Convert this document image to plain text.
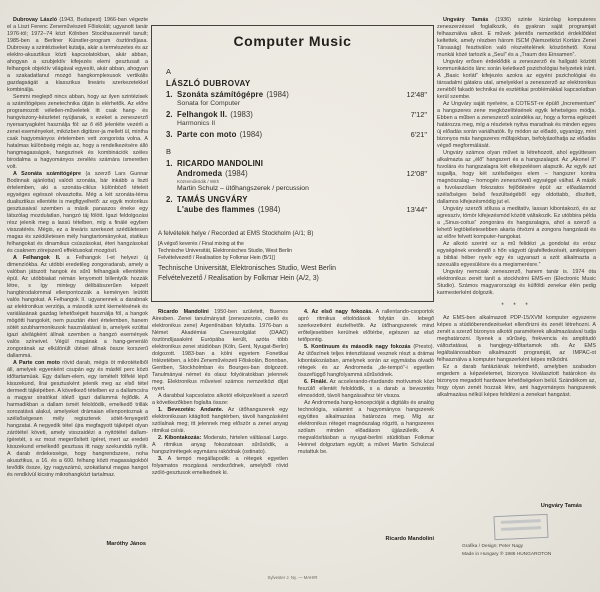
Dubrovay László (1943, Budapest) 1966-ban végezte el a Liszt Ferenc Zeneművészeti Főiskolát; ugyanott tanár 1976-tól; 1972–74 közt Kölnben Stockhausennél tanult; 1985-ben a Berliner Künstler-program ösztöndíjasa. Dubrovay a szintéziseket kutatja, akár a természetes és az elektro-akusztikus közti kapcsolatokban, akár abban, ahogyan a szubjektív kifejezés elemi gesztusait a felhangok objektív világával egyesíti, akár abban, ahogyan a szakadatlanul mozgó hangkomplexusok vertikális gazdagságát a klasszikus lineáris szerkezetekkel kombinálja.

Semmi meglepő nincs abban, hogy az ilyen szintézisek a számítógépes zenetechnika útján is elérhetők. Az előre programozott véletlen-műveletek itt csak hang- és hangviszony-készletet nyújtanak, s ezeket a zeneszerző nyersanyagként használja föl: az ő élő jelenléte vezérli a zenei eseményeket, miközben digitizer-ja mellett ül, mintha csak hagyományos értelemben vett zongorista volna. A hatalmas különbség mégis az, hogy a rendelkezésére álló hangmagasságok, hangszínek és kombinációk széles birodalma a hagyományos zenélés számára ismeretlen volt.

A Szonáta számítógépre (a szerző Lars Gunnar Bodinnak ajánlotta) valódi szonáta, bár inkább a liszti értelemben, aki a szonáta-ciklus különböző tételeit egységes egésszé olvasztotta. Még a két szonáta-téma dualisztikus ellentéte is megfigyelhető: az egyik motorikus gesztusaival szemben a másik panaszos éneke egy látszólag mozdulatlan, hangzó táj fölött. Igazi feldolgozási rész jelenik meg a lassú tételben, míg a finálé egyben visszatérés. Mégis, ez a lineáris szerkezet szédületesen magas és szédületesen mély hangtartományokat, statikus felhangokat és dinamikus csúszásokat, éteri hangzásokat és csaknem zörejszerű effektusokat mozgósít.

A Felhangok II. a Felhangok I-et helyezi új dimenziókba. Az utóbbi eredetileg zongoradarab, amely a valóban játszott hangok és sűrű felhangjaik ellentétére épül. Az utóbbiakat némán lenyomott billentyűk hozzák létre, s így mintegy délibábszerűen képzelt hangbirodalommal ellenpontozzák a keményen leütött valós hangokat. A Felhangok II. ugyanennek a darabnak az elektronikus verziója, a második szint kiemelésének és variálásának gazdag lehetőségeit használja föl, a hangok mögötti hangokét, nem pusztán éteri értelemben, hanem sötét szubharmonikusok használatával is, amelyek ezúttal igazi alvilágként állnak szemben a hangzó események valós színeivel. Végül magának a hang-generáló zongorának az elkülönült ütései állnak össze korszerű dallammá.

A Parte con moto rövid darab, mégis öt mikrotételből áll, amelyek egyenként csupán egy és másfél perc közti időtartamúak. Egy dallam-elem, egy ismételt fölfelé lépő kisszekund, lírai gesztusként jelenik meg az első tétel dermedt tájképében. A következő tételben ez a dallamcsíra a magyar siratókat idéző igazi dallammá fejlődik. A harmadikban a dallam ismét feloldódik, emelkedő trillák sorozatává alakul, amelyeket drámaian ellenpontoznak a szélsőségesen mély regiszterek sötét-fenyegető hangzatai. A negyedik tétel újra megfagyott tájképét olyan zárótétel követi, amely visszaidézi a nyitótétel dallam-ígéretét, s ez most megerősített ígéret, mert az eredeti kisszekund emelkedő gesztusa itt nagy szekunddá nyílik. A darab érdekessége, hogy hangrendszere, noha akusztikus, a 16. és a 600. felhang közti magasságokból tevődik össze, így nagyszámú, szokatlanul magas hangot és rendkívül kicsiny mikrohangközt tartalmaz.

Maróthy János
Computer Music
A
LÁSZLÓ DUBROVAY
1. Szonáta számítógépre (1984)	12'48"
Sonata for Computer
2. Felhangok II. (1983)	7'12"
Harmonics II
3. Parte con moto (1984)	6'21"
B
1. RICARDO MANDOLINI
Andromeda (1984)	12'08"
Közreműködik / With
Martin Schulz – ütőhangszerek / percussion
2. TAMÁS UNGVÁRY
L'aube des flammes (1984)	13'44"
A felvételek helye / Recorded at EMS Stockholm (A/1; B)
[A végső keverés / Final mixing at the
Technische Universität, Elektronisches Studio, West Berlin
Felvételvezető / Realisation by Folkmar Hein (B/1)]
Technische Universität, Elektronisches Studio, West Berlin
Felvételvezető / Realisation by Folkmar Hein (A/2, 3)

Ricardo Mandolini 1950-ben született, Buenos Airesben. Zenei tanulmányait (zeneszerzés, cselló és elektronikus zene) Argentínában folytatta. 1976-ban a Német Akadémiai Csereszolgálat (DAAD) ösztöndíjasaként Európába került, azóta több elektronikus zenei stúdióban (Köln, Gent, Nyugat-Berlin) dolgozott. 1983-ban a kölni egyetem Fonetikai Intézetében, a kölni Zeneművészeti Főiskolán, Bonnban, Gentben, Stockholmban és Bourges-ban dolgozott. Tanulmányai német és olasz folyóiratokban jelennek meg. Elektronikus műveivel számos nemzetközi díjat nyert.

A darabbal kapcsolatos alkotói elképzeléseit a szerző a következőkben foglalta össze:

1. Bevezetés: Andante. Az ütőhangszerek egy elektronikusan kitágított hangtérben, távoli hangzásként szólalnak meg; itt jelennek meg először a zenei anyag ritmikai csírái.

2. Kibontakozás: Moderato, hirtelen váltással Largo. A ritmikus anyag fokozatosan sűrűsödik, a hangszínrétegek egymásra rakódnak (ostinato).

3. A tempó megállapodik: a rétegek egyetlen folyamatos mozgássá rendeződnek, amelyből rövid szóló-gesztusok emelkednek ki.

4. Az első nagy fokozás. A rallentando-csoportok apró ritmikus eltolódások folytán ún. lebegő szerkezetként észlelhetők. Az ütőhangszerek mind erőteljesebben kerülnek előtérbe, egészen az első tetőpontig.

5. Kontinuum és második nagy fokozás (Presto). Az ütőszínek teljes intenzitással vesznek részt a drámai kibontakozásban, amelynek során az egymásba olvadó rétegek és az Andromeda „de-tempó”-i egyetlen összefüggő hangfolyammá sűrűsödnek.

6. Finálé. Az accelerando-ritardando motívumok közt feszülő ellentét feloldódik, s a darab a bevezetés elmosódott, távoli hangzásaihoz tér vissza.

Az Andromeda hang-koncepcióját a digitális és analóg technológia, valamint a hagyományos hangszerek együttes alkalmazása határozza meg. Míg az elektronikus réteget magnószalag rögzíti, a hangszeres szólam minden előadáson újjászületik. A megvalósításban a nyugat-berlini stúdióban Folkmar Heinnel dolgoztam együtt; a művet Martin Schulzcal mutattuk be.

Ricardo Mandolini

Ungváry Tamás (1936) szinte kizárólag komputeres zeneszerzéssel foglalkozik, és gyakran saját programjait felhasználva alkot. E művek jelentős nemzetközi érdeklődést keltettek, amely részben három ISCM (Nemzetközi Kortárs Zenei Társaság) fesztiválon való részvételének köszönhető. Korai munkái közé tartozik a „Seul” és a „Traum des Einsamen”.

Ungváry erősen érdeklődik a zeneszerző és hallgató közötti kommunikációs lánc során keletkező pszichológiai helyzetek iránt. A „Basic korlát” kifejezés azokra az egyéni pszichológiai és társadalmi gátakra utal, amelyekkel a zeneszerző az elektronikus zenéből fakadó technikai és esztétikai problémákkal kapcsolatban kerül szembe.

Az Ungváry saját nyelvére, a COTEST-re épülő „Incrementum” a hangszeres zene megközelítésének egyik lehetséges módja. Ebben a műben a zeneszerző szándéka az, hogy a forma egészét határozza meg, míg a részletek nyitva maradnak és minden egyes új előadás során variálhatók. Ily módon az előadó, ugyanúgy, mint bizonyos más hangszeres műfajokban, befolyásolhatja az előadás végső megformálását.

Ungváry számos olyan művet is létrehozott, ahol együttesen alkalmazta az „élő” hangszert és a hangszalagot. Az „Akonel II” fuvolára és hangszalagra két elképzelésen alapszik. Az egyik azt sugallja, hogy két szélsőséges elem – hangszer kontra magnószalag – homogén zeneszövetű egységgé válhat. A másik a fuvolaszólam fokozatos fejlődésére épül: az előadásmód szélsőséges belső feszültségéből egy oldottabb, díszített, dallamos kifejezésmódig jut el.

Ungváry szerzői stílusa a meditatív, lassan kibontakozó, és az agresszív, tömör kifejezésmód között váltakozik. Ez utóbbira példa a „Sinus-coitus” zongorára és hangszalagra, ahol a szerző a lehető legtökéletesebben akarta ötvözni a zongora hangzását és az előre felvett komputer-hangokat.

Az alkotó szerint ez a mű felidézi „a gondolat és erósz egységének eredendő s hőn vágyott újrafelfedezését, amiképpen a bibliai héber nyelv egy és ugyanazt a szót alkalmazta a szexuális egyesülésre és a megismerésre.”

Ungváry nemcsak zeneszerző, hanem tanár is. 1974 óta elektronikus zenét tanít a stockholmi EMS-en (Electronic Music Studio). Számos magyarországi és külföldi zenekar élén pedig karmesterként dolgozik.

* * *

Az EMS-ben alkalmazott PDP-15/XVM komputer egyszerre képes a stúdióberendezéseket ellenőrizni és zenét létrehozni. A zenét a szerző bizonyos alkotói paraméterek alkalmazásával tudja meghatározni. Ilyenek a sűrűség, frekvencia és amplitudó változtatásai, a hangjegy-időtartamok stb. Az EMS legáltalánosabban alkalmazott programját, az IMPAC-ot felhasználva a komputer hangszerként képes működni.

Ez a darab fantáziának tekinthető, amelyben szabadon engedem a képzeletemet, bizonyos kiválasztott határokon és bizonyos megadott hardware lehetőségeken belül. Szándékom az, hogy olyan zenét hozzak létre, ami hagyományos hangszerek alkalmazása nélkül képes felidézni a zenekari hangzást.

Ungváry Tamás
Grafika / Design: Peter Nagy
Made in Hungary ℗ 1986 HUNGAROTON
Sylvester J. Ny. — MAHIR
